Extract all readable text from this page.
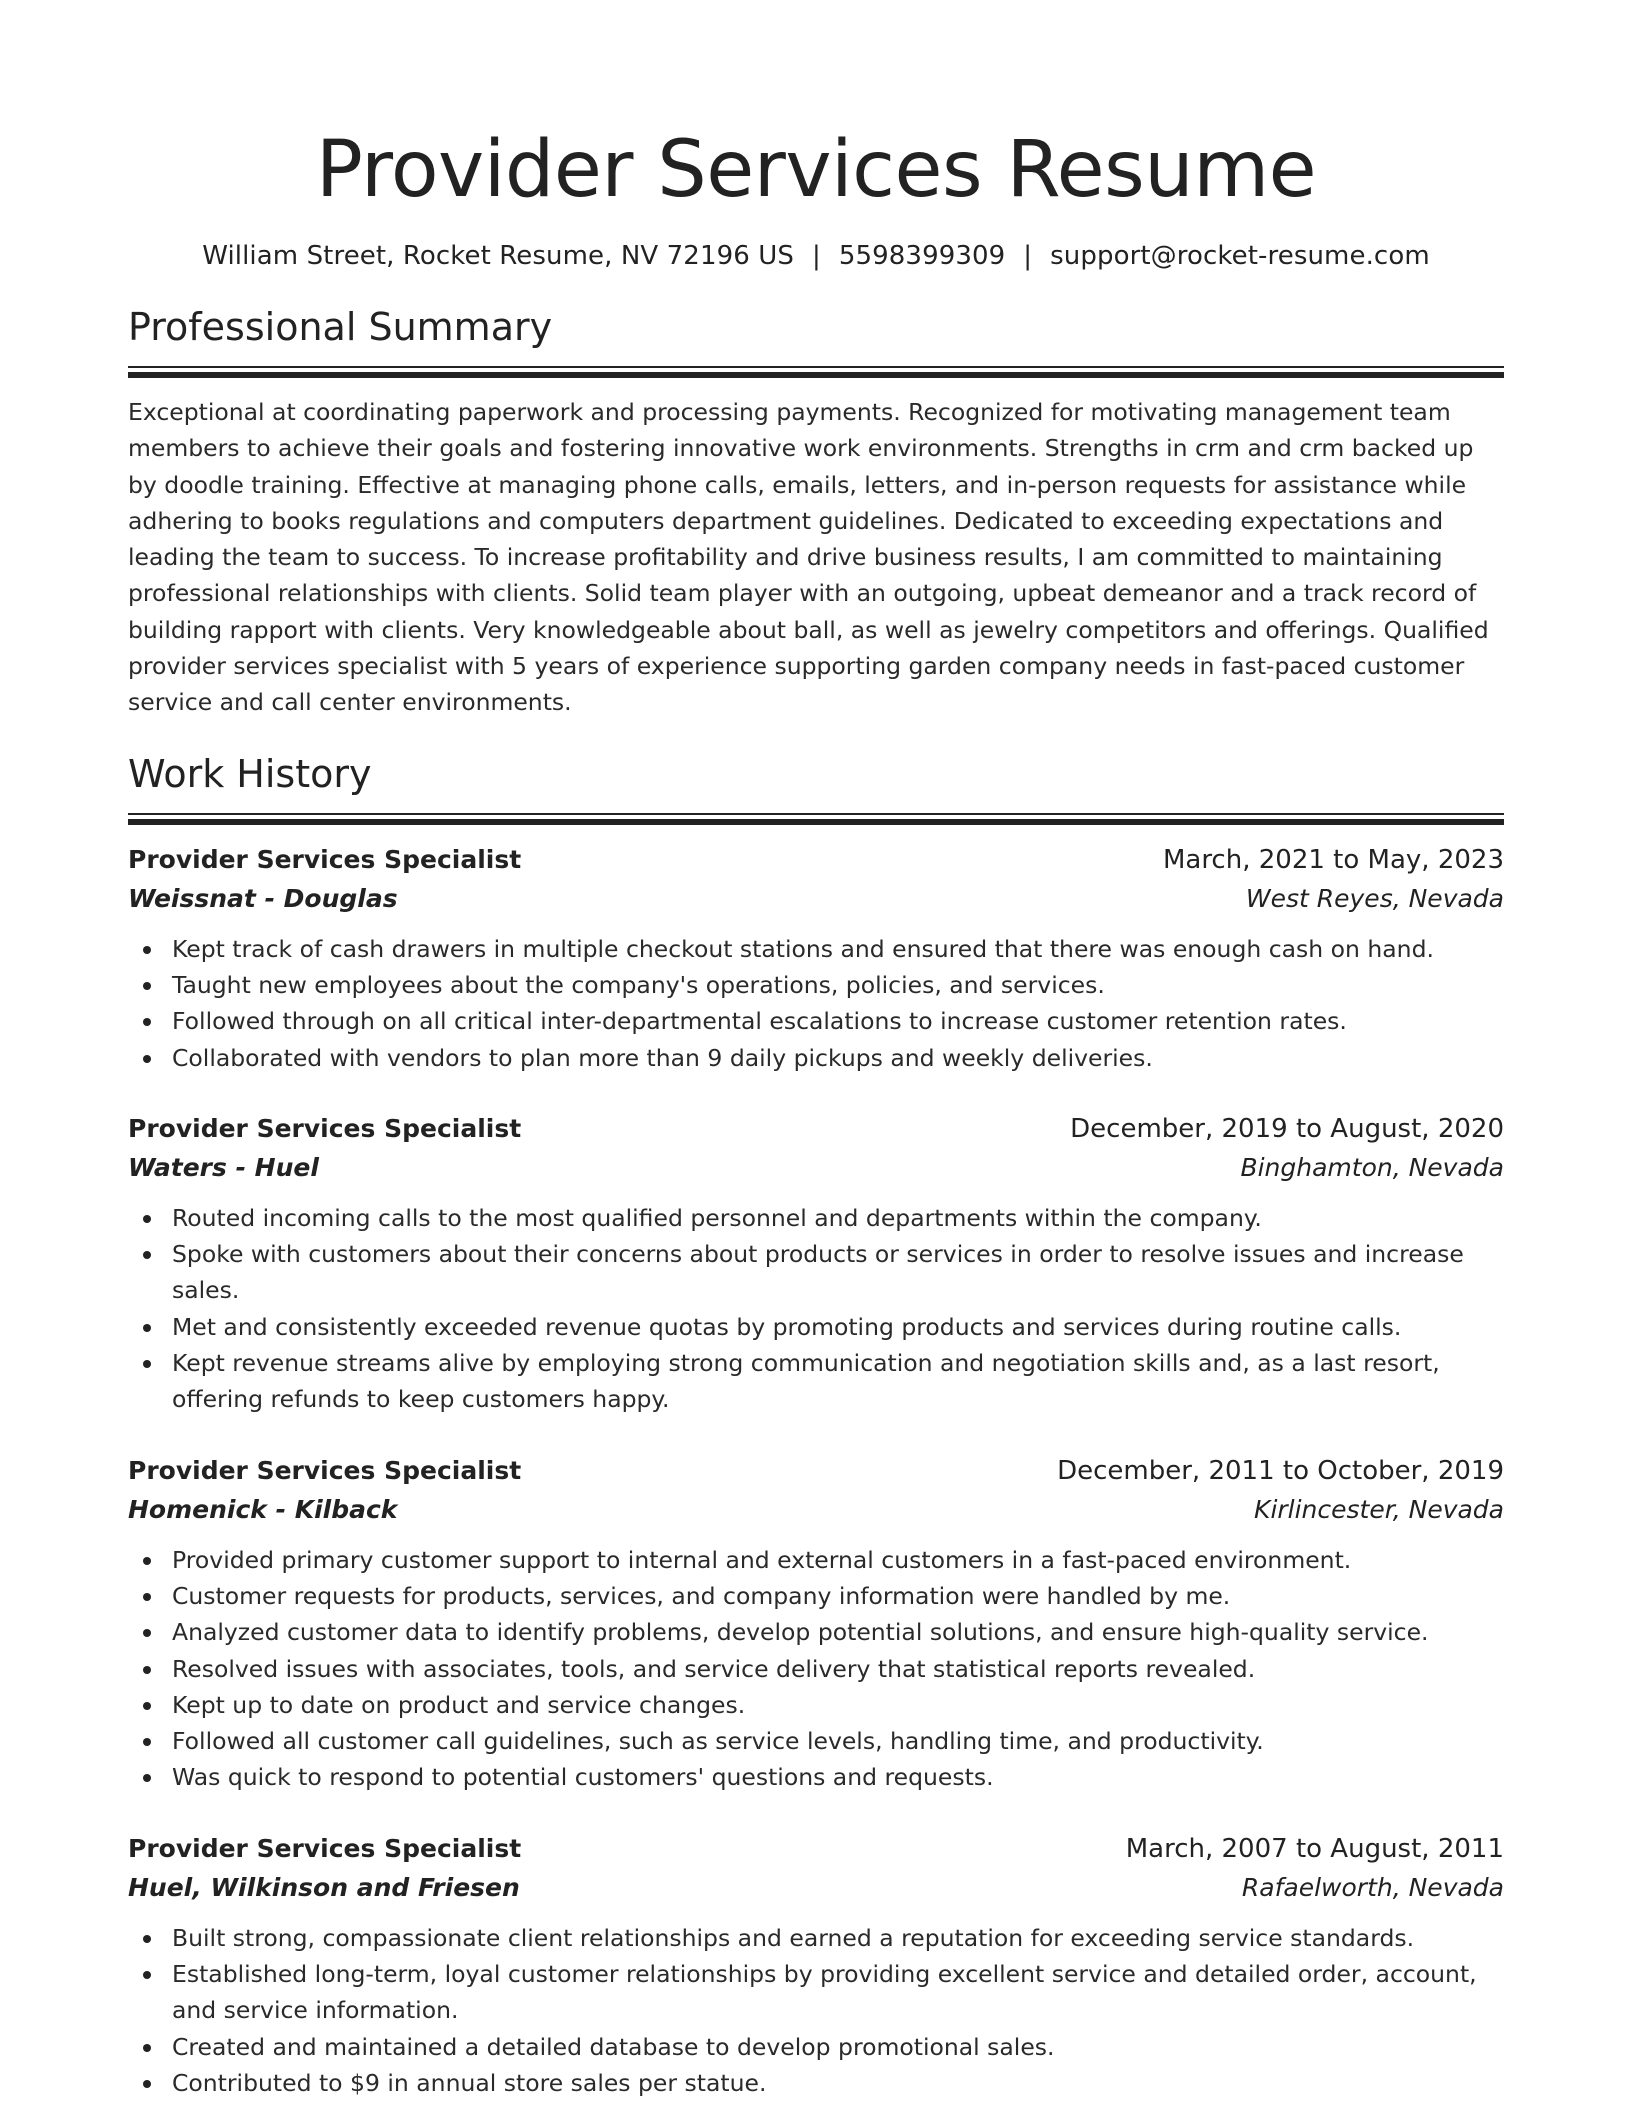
Provider Services Resume
William Street, Rocket Resume, NV 72196 US | 5598399309 | support@rocket-resume.com
Professional Summary

Exceptional at coordinating paperwork and processing payments. Recognized for motivating management team members to achieve their goals and fostering innovative work environments. Strengths in crm and crm backed up by doodle training. Effective at managing phone calls, emails, letters, and in-person requests for assistance while adhering to books regulations and computers department guidelines. Dedicated to exceeding expectations and leading the team to success. To increase profitability and drive business results, I am committed to maintaining professional relationships with clients. Solid team player with an outgoing, upbeat demeanor and a track record of building rapport with clients. Very knowledgeable about ball, as well as jewelry competitors and offerings. Qualified provider services specialist with 5 years of experience supporting garden company needs in fast-paced customer service and call center environments.

Work History
Provider Services Specialist	March, 2021 to May, 2023
Weissnat - Douglas	West Reyes, Nevada
Kept track of cash drawers in multiple checkout stations and ensured that there was enough cash on hand.
Taught new employees about the company's operations, policies, and services.
Followed through on all critical inter-departmental escalations to increase customer retention rates.
Collaborated with vendors to plan more than 9 daily pickups and weekly deliveries.
Provider Services Specialist	December, 2019 to August, 2020
Waters - Huel	Binghamton, Nevada
Routed incoming calls to the most qualified personnel and departments within the company.
Spoke with customers about their concerns about products or services in order to resolve issues and increase sales.
Met and consistently exceeded revenue quotas by promoting products and services during routine calls.
Kept revenue streams alive by employing strong communication and negotiation skills and, as a last resort, offering refunds to keep customers happy.
Provider Services Specialist	December, 2011 to October, 2019
Homenick - Kilback	Kirlincester, Nevada
Provided primary customer support to internal and external customers in a fast-paced environment.
Customer requests for products, services, and company information were handled by me.
Analyzed customer data to identify problems, develop potential solutions, and ensure high-quality service.
Resolved issues with associates, tools, and service delivery that statistical reports revealed.
Kept up to date on product and service changes.
Followed all customer call guidelines, such as service levels, handling time, and productivity.
Was quick to respond to potential customers' questions and requests.
Provider Services Specialist	March, 2007 to August, 2011
Huel, Wilkinson and Friesen	Rafaelworth, Nevada
Built strong, compassionate client relationships and earned a reputation for exceeding service standards.
Established long-term, loyal customer relationships by providing excellent service and detailed order, account, and service information.
Created and maintained a detailed database to develop promotional sales.
Contributed to $9 in annual store sales per statue.
